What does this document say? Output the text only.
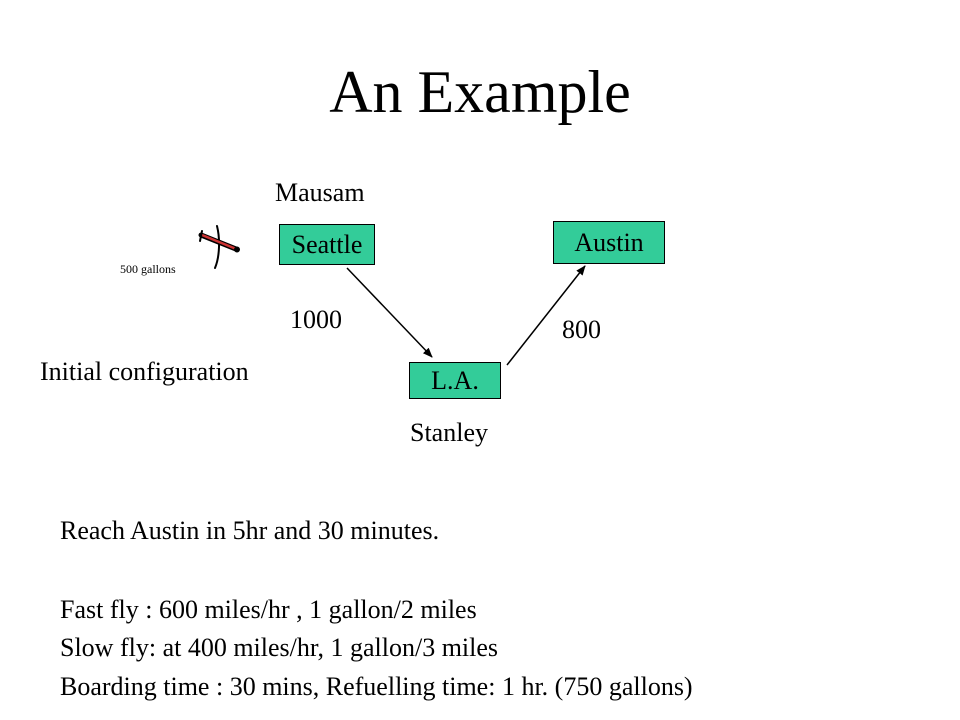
An Example
500 gallons
Mausam
Stanley
Seattle	Austin
L.A.
1000	800
Initial configuration
Reach Austin in 5hr and 30 minutes.
Fast fly : 600 miles/hr , 1 gallon/2 miles
Slow fly: at 400 miles/hr, 1 gallon/3 miles
Boarding time : 30 mins, Refuelling time: 1 hr. (750 gallons)
